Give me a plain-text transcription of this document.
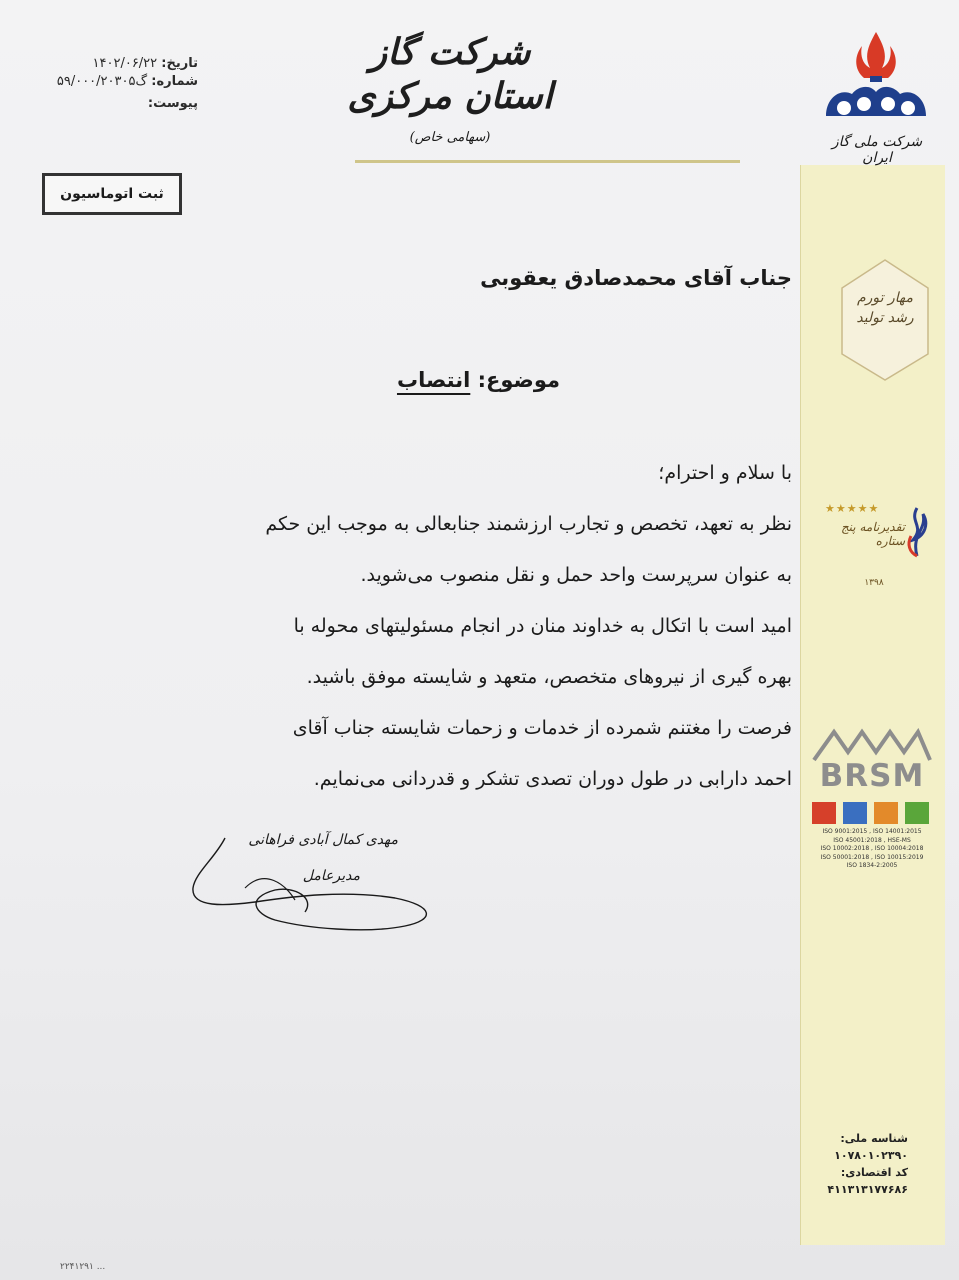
تاریخ: ۱۴۰۲/۰۶/۲۲
شماره: گ۵۹/۰۰۰/۲۰۳۰۵
پیوست:
شرکت گاز استان مرکزی
(سهامی خاص)	شرکت ملی گاز ایران
ثبت اتوماسیون
جناب آقای محمدصادق یعقوبی
موضوع: انتصاب
با سلام و احترام؛
نظر به تعهد، تخصص و تجارب ارزشمند جنابعالی به موجب این حکم
به عنوان سرپرست واحد حمل و نقل منصوب می‌شوید.
امید است با اتکال به خداوند منان در انجام مسئولیتهای محوله با
بهره گیری از نیروهای متخصص، متعهد و شایسته موفق باشید.
فرصت را مغتنم شمرده از خدمات و زحمات شایسته جناب آقای
احمد دارابی در طول دوران تصدی تشکر و قدردانی می‌نمایم.
مهدی کمال آبادی فراهانی
مدیرعامل
مهار تورم
رشد تولید
★★★★★
تقدیرنامه پنج ستاره
۱۳۹۸
BRSM
ISO 9001:2015 , ISO 14001:2015
ISO 45001:2018 , HSE-MS
ISO 10002:2018 , ISO 10004:2018
ISO 50001:2018 , ISO 10015:2019
ISO 1834-2:2005
شناسه ملی:
۱۰۷۸۰۱۰۲۳۹۰
کد اقتصادی:
۴۱۱۳۱۳۱۷۷۶۸۶
۲۲۴۱۲۹۱ ...
